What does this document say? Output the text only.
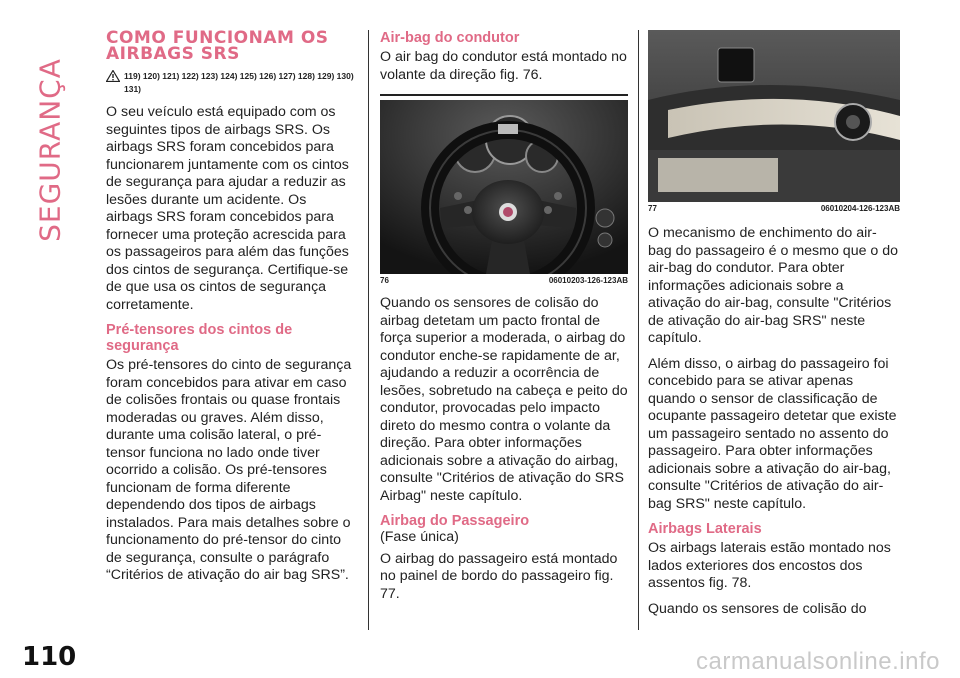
SEGURANÇA
COMO FUNCIONAM OS
AIRBAGS SRS
119) 120) 121) 122) 123) 124) 125) 126) 127) 128) 129) 130)
131)

O seu veículo está equipado com os seguintes tipos de airbags SRS. Os airbags SRS foram concebidos para funcionarem juntamente com os cintos de segurança para ajudar a reduzir as lesões durante um acidente. Os airbags SRS foram concebidos para fornecer uma proteção acrescida para os passageiros para além das funções dos cintos de segurança. Certifique-se de que usa os cintos de segurança corretamente.

Pré-tensores dos cintos de segurança

Os pré-tensores do cinto de segurança foram concebidos para ativar em caso de colisões frontais ou quase frontais moderadas ou graves. Além disso, durante uma colisão lateral, o pré-tensor funciona no lado onde tiver ocorrido a colisão. Os pré-tensores funcionam de forma diferente dependendo dos tipos de airbags instalados. Para mais detalhes sobre o funcionamento do pré-tensor do cinto de segurança, consulte o parágrafo “Critérios de ativação do air bag SRS”.

Air-bag do condutor

O air bag do condutor está montado no volante da direção fig. 76.

76	06010203-126-123AB

Quando os sensores de colisão do airbag detetam um pacto frontal de força superior a moderada, o airbag do condutor enche-se rapidamente de ar, ajudando a reduzir a ocorrência de lesões, sobretudo na cabeça e peito do condutor, provocadas pelo impacto direto do mesmo contra o volante da direção. Para obter informações adicionais sobre a ativação do airbag, consulte "Critérios de ativação do SRS Airbag" neste capítulo.

Airbag do Passageiro

(Fase única)

O airbag do passageiro está montado no painel de bordo do passageiro fig. 77.

77	06010204-126-123AB

O mecanismo de enchimento do air-bag do passageiro é o mesmo que o do air-bag do condutor. Para obter informações adicionais sobre a ativação do air-bag, consulte "Critérios de ativação do air-bag SRS" neste capítulo.

Além disso, o airbag do passageiro foi concebido para se ativar apenas quando o sensor de classificação de ocupante passageiro detetar que existe um passageiro sentado no assento do passageiro. Para obter informações adicionais sobre a ativação do air-bag, consulte "Critérios de ativação do air-bag SRS" neste capítulo.

Airbags Laterais

Os airbags laterais estão montado nos lados exteriores dos encostos dos assentos fig. 78.

Quando os sensores de colisão do

110	carmanualsonline.info
